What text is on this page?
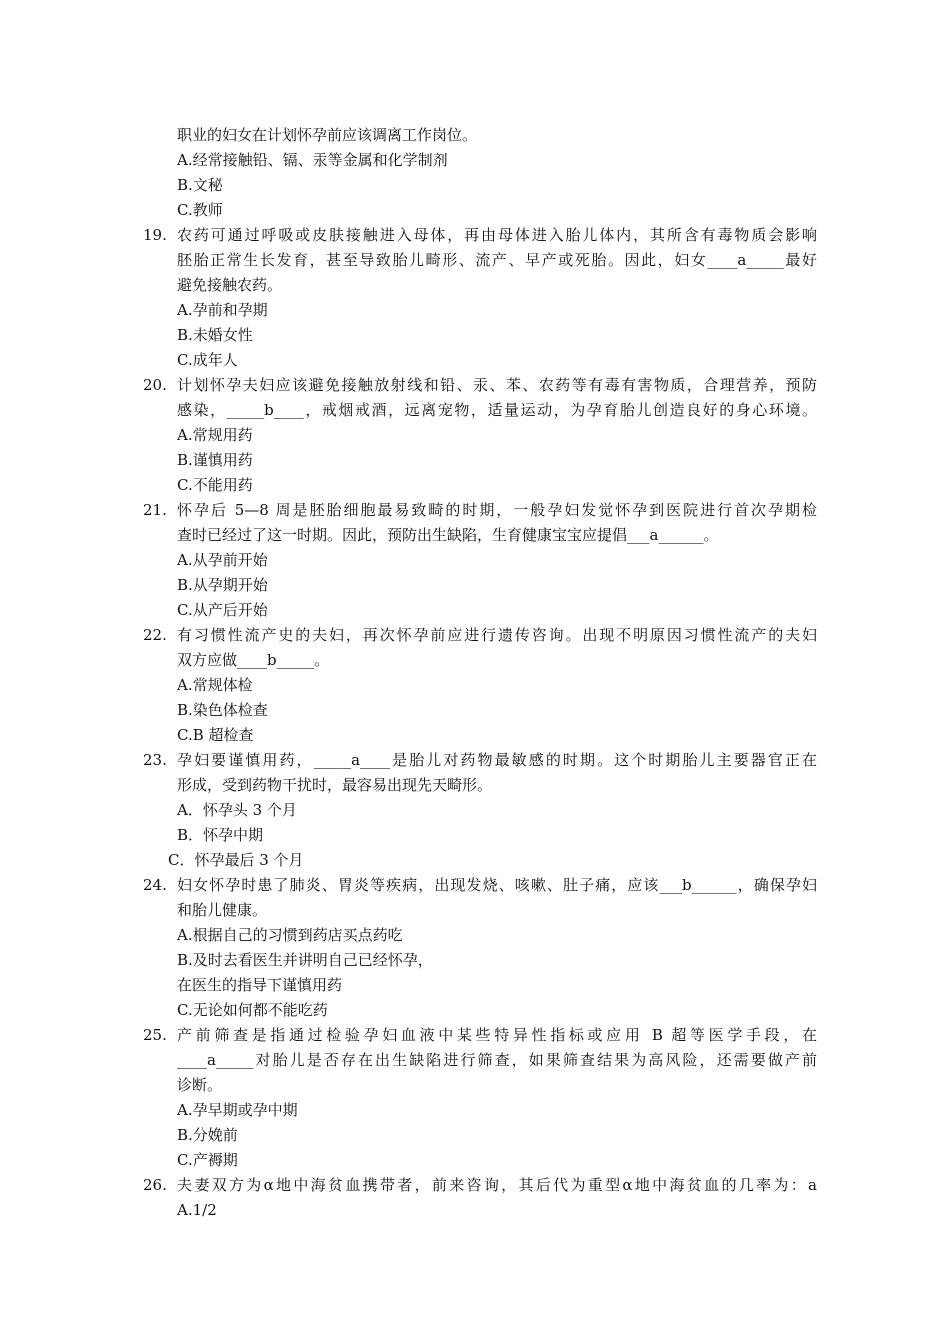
职业的妇女在计划怀孕前应该调离工作岗位。
A.经常接触铅、镉、汞等金属和化学制剂
B.文秘
C.教师
19. 农药可通过呼吸或皮肤接触进入母体，再由母体进入胎儿体内，其所含有毒物质会影响
胚胎正常生长发育，甚至导致胎儿畸形、流产、早产或死胎。因此，妇女____a_____最好
避免接触农药。
A.孕前和孕期
B.未婚女性
C.成年人
20. 计划怀孕夫妇应该避免接触放射线和铅、汞、苯、农药等有毒有害物质，合理营养，预防
感染，_____b____，戒烟戒酒，远离宠物，适量运动，为孕育胎儿创造良好的身心环境。
A.常规用药
B.谨慎用药
C.不能用药
21. 怀孕后 5—8 周是胚胎细胞最易致畸的时期，一般孕妇发觉怀孕到医院进行首次孕期检
查时已经过了这一时期。因此，预防出生缺陷，生育健康宝宝应提倡___a______。
A.从孕前开始
B.从孕期开始
C.从产后开始
22. 有习惯性流产史的夫妇，再次怀孕前应进行遗传咨询。出现不明原因习惯性流产的夫妇
双方应做____b_____。
A.常规体检
B.染色体检查
C.B 超检查
23. 孕妇要谨慎用药，_____a____是胎儿对药物最敏感的时期。这个时期胎儿主要器官正在
形成，受到药物干扰时，最容易出现先天畸形。
A．怀孕头 3 个月
B．怀孕中期
C．怀孕最后 3 个月
24. 妇女怀孕时患了肺炎、胃炎等疾病，出现发烧、咳嗽、肚子痛，应该___b______，确保孕妇
和胎儿健康。
A.根据自己的习惯到药店买点药吃
B.及时去看医生并讲明自己已经怀孕，
在医生的指导下谨慎用药
C.无论如何都不能吃药
25. 产前筛查是指通过检验孕妇血液中某些特异性指标或应用 B 超等医学手段，在
____a_____对胎儿是否存在出生缺陷进行筛查，如果筛查结果为高风险，还需要做产前
诊断。
A.孕早期或孕中期
B.分娩前
C.产褥期
26. 夫妻双方为α地中海贫血携带者，前来咨询，其后代为重型α地中海贫血的几率为：a
A.1/2
